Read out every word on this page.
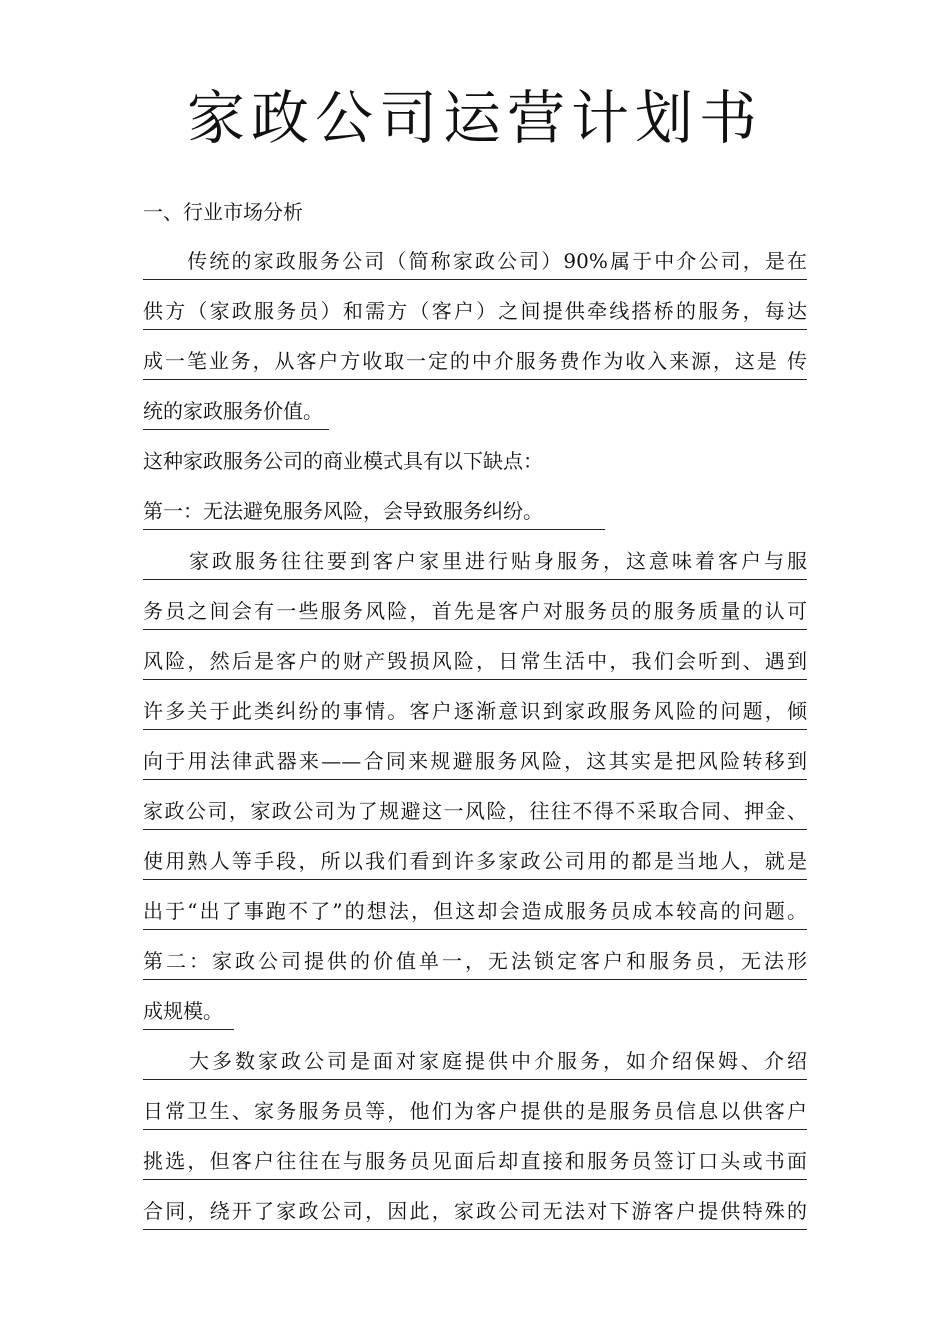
家政公司运营计划书
一、行业市场分析
　　传统的家政服务公司（简称家政公司）90%属于中介公司，是在
供方（家政服务员）和需方（客户）之间提供牵线搭桥的服务，每达
成一笔业务，从客户方收取一定的中介服务费作为收入来源，这是 传
统的家政服务价值。
这种家政服务公司的商业模式具有以下缺点：
第一：无法避免服务风险，会导致服务纠纷。
　　家政服务往往要到客户家里进行贴身服务，这意味着客户与服
务员之间会有一些服务风险，首先是客户对服务员的服务质量的认可
风险，然后是客户的财产毁损风险，日常生活中，我们会听到、遇到
许多关于此类纠纷的事情。客户逐渐意识到家政服务风险的问题，倾
向于用法律武器来——合同来规避服务风险，这其实是把风险转移到
家政公司，家政公司为了规避这一风险，往往不得不采取合同、押金、
使用熟人等手段，所以我们看到许多家政公司用的都是当地人，就是
出于“出了事跑不了”的想法，但这却会造成服务员成本较高的问题。
第二：家政公司提供的价值单一，无法锁定客户和服务员，无法形
成规模。
　　大多数家政公司是面对家庭提供中介服务，如介绍保姆、介绍
日常卫生、家务服务员等，他们为客户提供的是服务员信息以供客户
挑选，但客户往往在与服务员见面后却直接和服务员签订口头或书面
合同，绕开了家政公司，因此，家政公司无法对下游客户提供特殊的
